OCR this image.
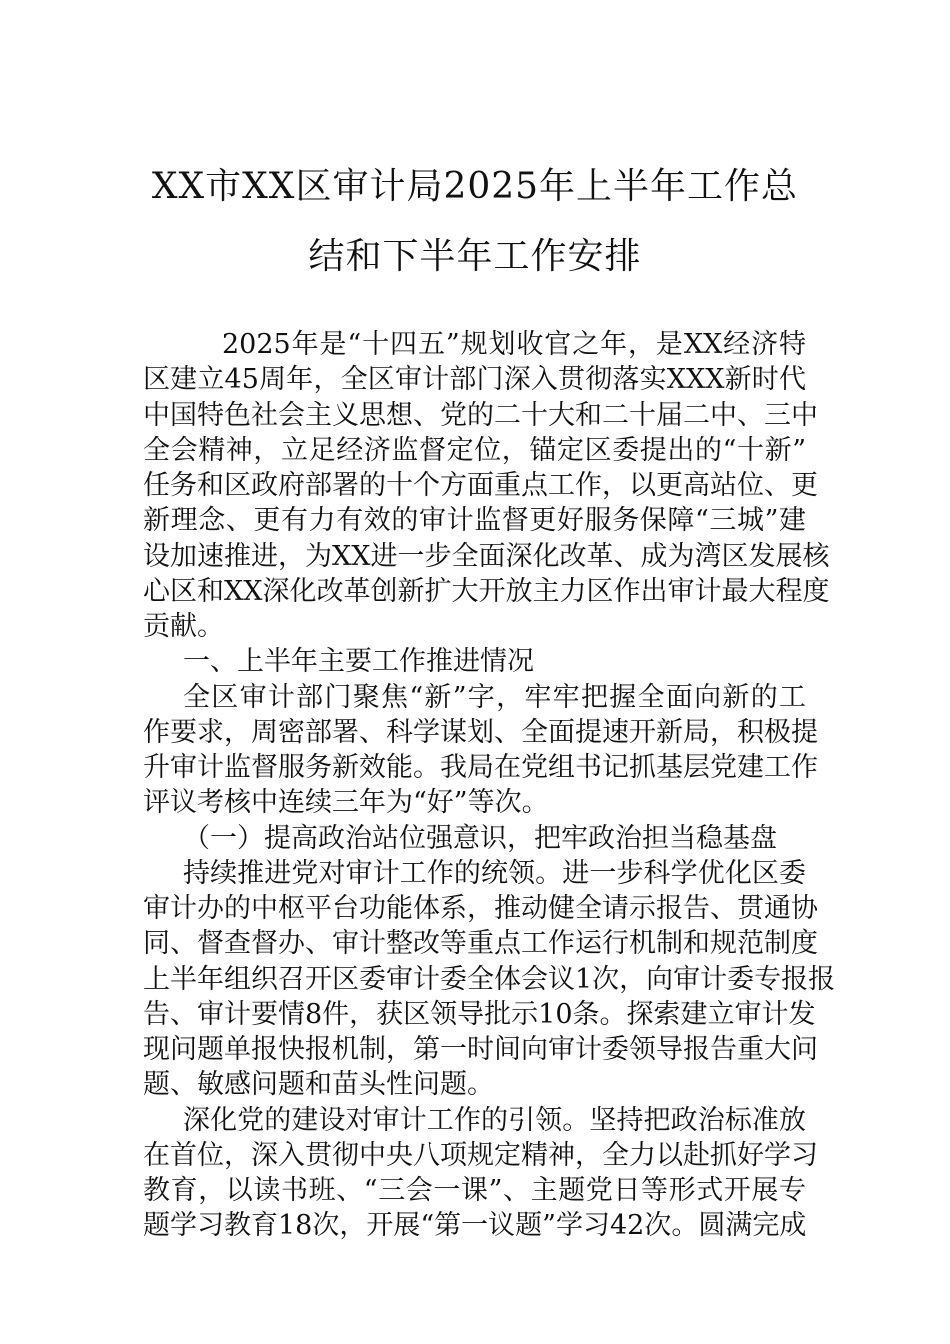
XX市XX区审计局2025年上半年工作总
结和下半年工作安排
2025年是“十四五”规划收官之年，是XX经济特
区建立45周年，全区审计部门深入贯彻落实XXX新时代
中国特色社会主义思想、党的二十大和二十届二中、三中
全会精神，立足经济监督定位，锚定区委提出的“十新”
任务和区政府部署的十个方面重点工作，以更高站位、更
新理念、更有力有效的审计监督更好服务保障“三城”建
设加速推进，为XX进一步全面深化改革、成为湾区发展核
心区和XX深化改革创新扩大开放主力区作出审计最大程度
贡献。
一、上半年主要工作推进情况
全区审计部门聚焦“新”字，牢牢把握全面向新的工
作要求，周密部署、科学谋划、全面提速开新局，积极提
升审计监督服务新效能。我局在党组书记抓基层党建工作
评议考核中连续三年为“好”等次。
（一）提高政治站位强意识，把牢政治担当稳基盘
持续推进党对审计工作的统领。进一步科学优化区委
审计办的中枢平台功能体系，推动健全请示报告、贯通协
同、督查督办、审计整改等重点工作运行机制和规范制度
上半年组织召开区委审计委全体会议1次，向审计委专报报
告、审计要情8件，获区领导批示10条。探索建立审计发
现问题单报快报机制，第一时间向审计委领导报告重大问
题、敏感问题和苗头性问题。
深化党的建设对审计工作的引领。坚持把政治标准放
在首位，深入贯彻中央八项规定精神，全力以赴抓好学习
教育，以读书班、“三会一课”、主题党日等形式开展专
题学习教育18次，开展“第一议题”学习42次。圆满完成
